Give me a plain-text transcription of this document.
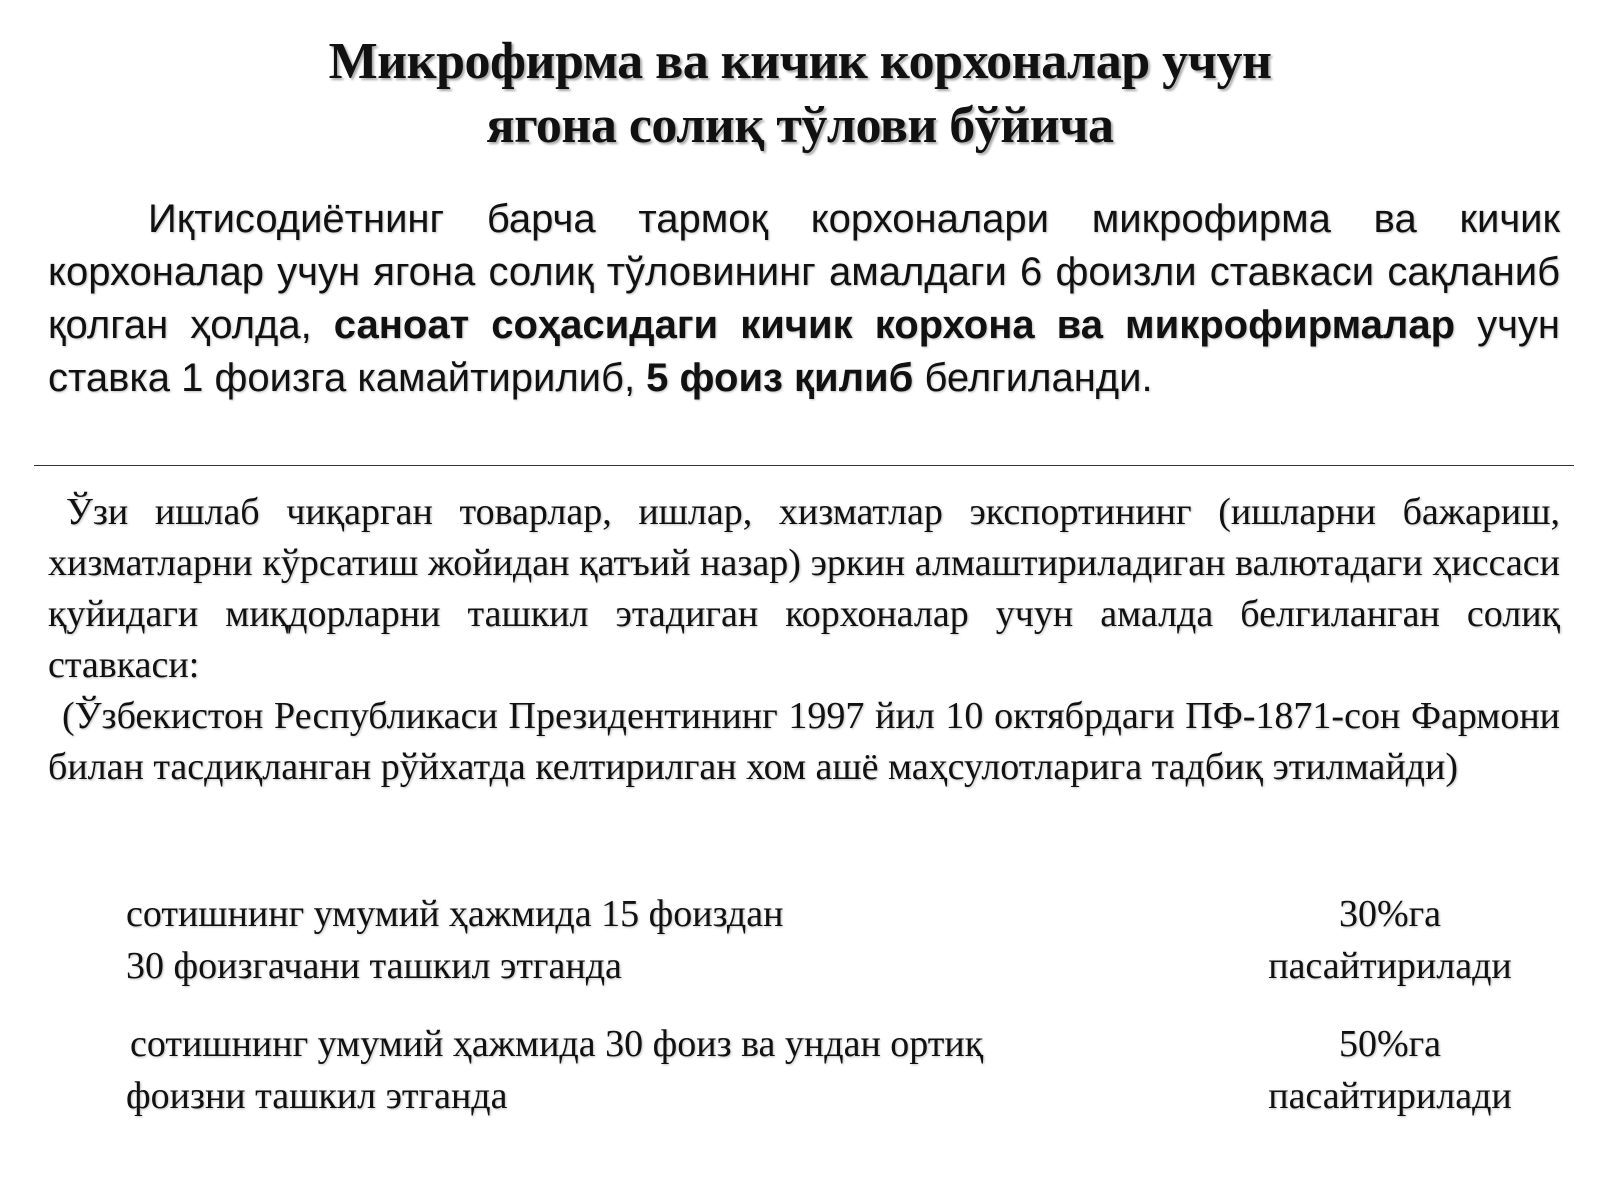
Микрофирма ва кичик корхоналар учун
ягона солиқ тўлови бўйича
Иқтисодиётнинг барча тармоқ корхоналари микрофирма ва кичик корхоналар учун ягона солиқ тўловининг амалдаги 6 фоизли ставкаси сақланиб қолган ҳолда, саноат соҳасидаги кичик корхона ва микрофирмалар учун ставка 1 фоизга камайтирилиб, 5 фоиз қилиб белгиланди.

Ўзи ишлаб чиқарган товарлар, ишлар, хизматлар экспортининг (ишларни бажариш, хизматларни кўрсатиш жойидан қатъий назар) эркин алмаштириладиган валютадаги ҳиссаси қуйидаги миқдорларни ташкил этадиган корхоналар учун амалда белгиланган солиқ ставкаси:

(Ўзбекистон Республикаси Президентининг 1997 йил 10 октябрдаги ПФ-1871-сон Фармони билан тасдиқланган рўйхатда келтирилган хом ашё маҳсулотларига тадбиқ этилмайди)

сотишнинг умумий ҳажмида 15 фоиздан
30 фоизгачани ташкил этганда
30%га
пасайтирилади
сотишнинг умумий ҳажмида 30 фоиз ва ундан ортиқ
фоизни ташкил этганда
50%га
пасайтирилади
